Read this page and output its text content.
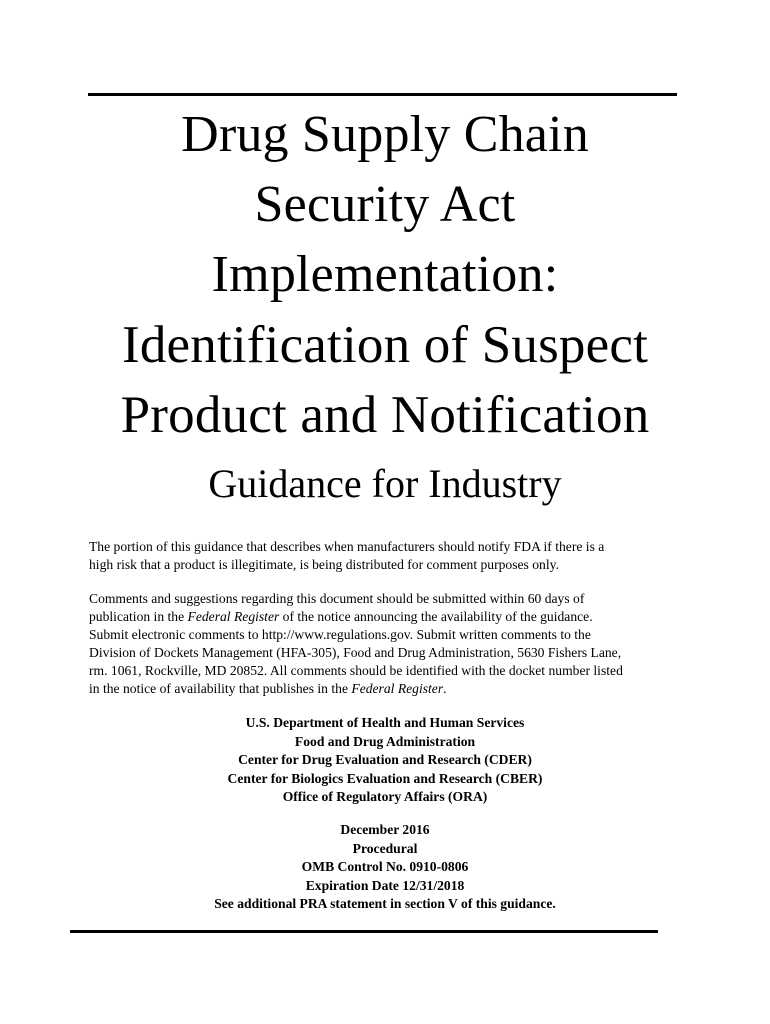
Drug Supply Chain
Security Act
Implementation:
Identification of Suspect
Product and Notification
Guidance for Industry

The portion of this guidance that describes when manufacturers should notify FDA if there is a
high risk that a product is illegitimate, is being distributed for comment purposes only.

Comments and suggestions regarding this document should be submitted within 60 days of
publication in the Federal Register of the notice announcing the availability of the guidance.
Submit electronic comments to http://www.regulations.gov. Submit written comments to the
Division of Dockets Management (HFA-305), Food and Drug Administration, 5630 Fishers Lane,
rm. 1061, Rockville, MD 20852. All comments should be identified with the docket number listed
in the notice of availability that publishes in the Federal Register.

U.S. Department of Health and Human Services
Food and Drug Administration
Center for Drug Evaluation and Research (CDER)
Center for Biologics Evaluation and Research (CBER)
Office of Regulatory Affairs (ORA)
December 2016
Procedural
OMB Control No. 0910-0806
Expiration Date 12/31/2018
See additional PRA statement in section V of this guidance.
